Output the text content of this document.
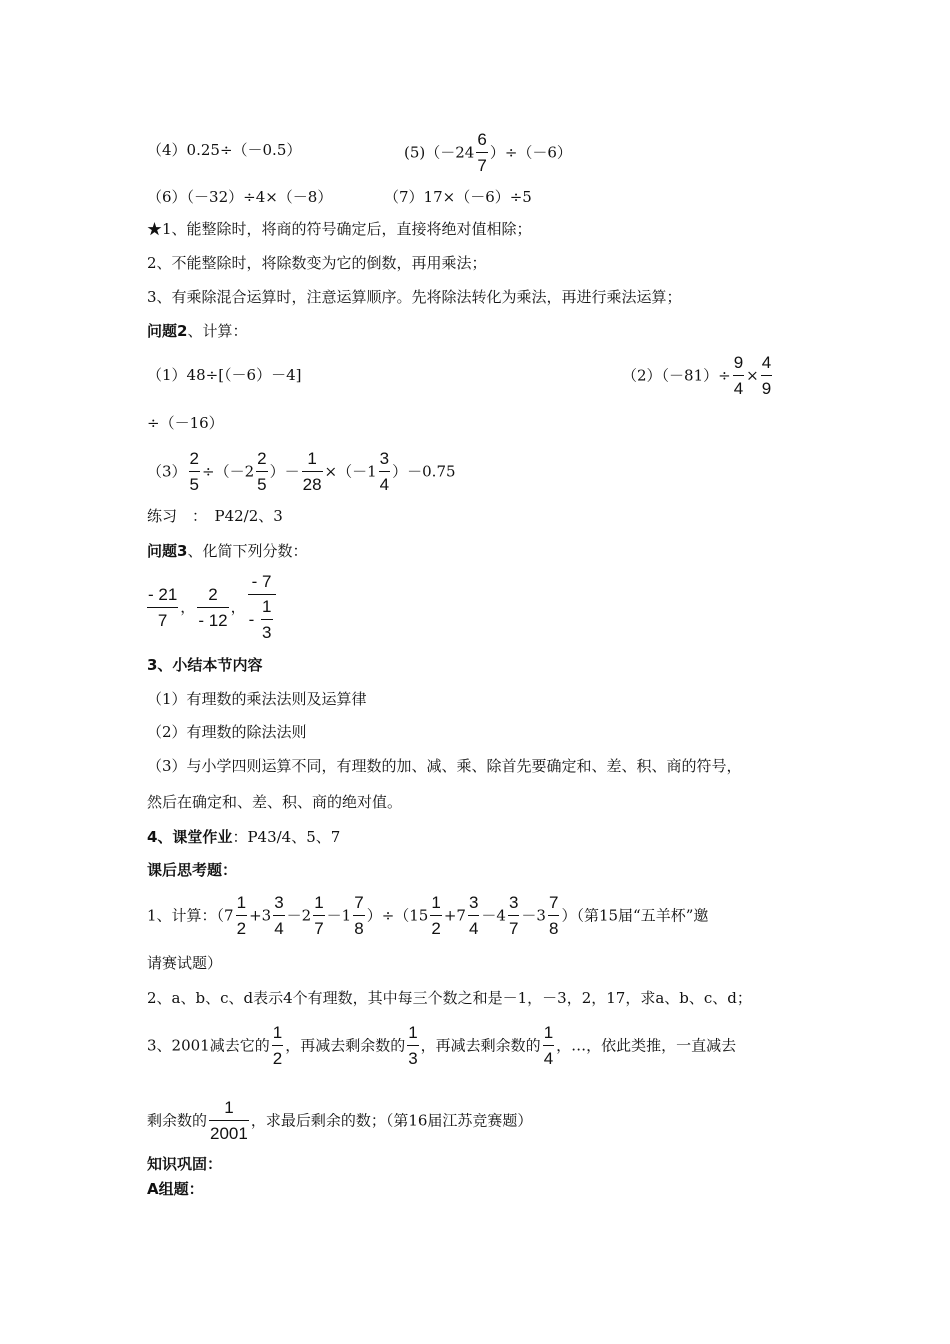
（4）0.25÷（－0.5）	$(5)(-24 \frac{6}{7} )\div(-6)$
（6）（－32）÷4×（－8）	（7）17×（－6）÷5
★1、能整除时，将商的符号确定后，直接将绝对值相除；
2、不能整除时，将除数变为它的倒数，再用乘法；
3、有乘除混合运算时，注意运算顺序。先将除法转化为乘法，再进行乘法运算；
问题2、计算：
（1）48÷[（－6）－4]	$(2)(-81)\div \frac{9}{4} \times \frac{4}{9}$
÷（－16）
$(3) \frac{2}{5} \div(-2 \frac{2}{5}$ ）－ $\frac{1}{28} \times(-1 \frac{3}{4} )-0.75$
练习　：　P42/2、3
问题3、化简下列分数：
$\frac{- 21}{7}$ ， $\frac{2}{- 12}$ ， $\frac{- 7}{- \frac{1}{3}}$
3、小结本节内容
（1）有理数的乘法法则及运算律
（2）有理数的除法法则
（3）与小学四则运算不同，有理数的加、减、乘、除首先要确定和、差、积、商的符号，
然后在确定和、差、积、商的绝对值。
4、课堂作业：P43/4、5、7
课后思考题：
1、计算：$(7 \frac{1}{2} +3 \frac{3}{4} -2 \frac{1}{7} -1 \frac{7}{8} )\div(15 \frac{1}{2} +7 \frac{3}{4} -4 \frac{3}{7} -3 \frac{7}{8}$ ）（第15届“五羊杯”邀
请赛试题）
2、a、b、c、d表示4个有理数，其中每三个数之和是－1，－3，2，17，求a、b、c、d；
3、2001减去它的 $\frac{1}{2}$ ，再减去剩余数的 $\frac{1}{3}$ ，再减去剩余数的 $\frac{1}{4}$ ，…，依此类推，一直减去
剩余数的 $\frac{1}{2001}$ ，求最后剩余的数；（第16届江苏竞赛题）
知识巩固：
A组题：
